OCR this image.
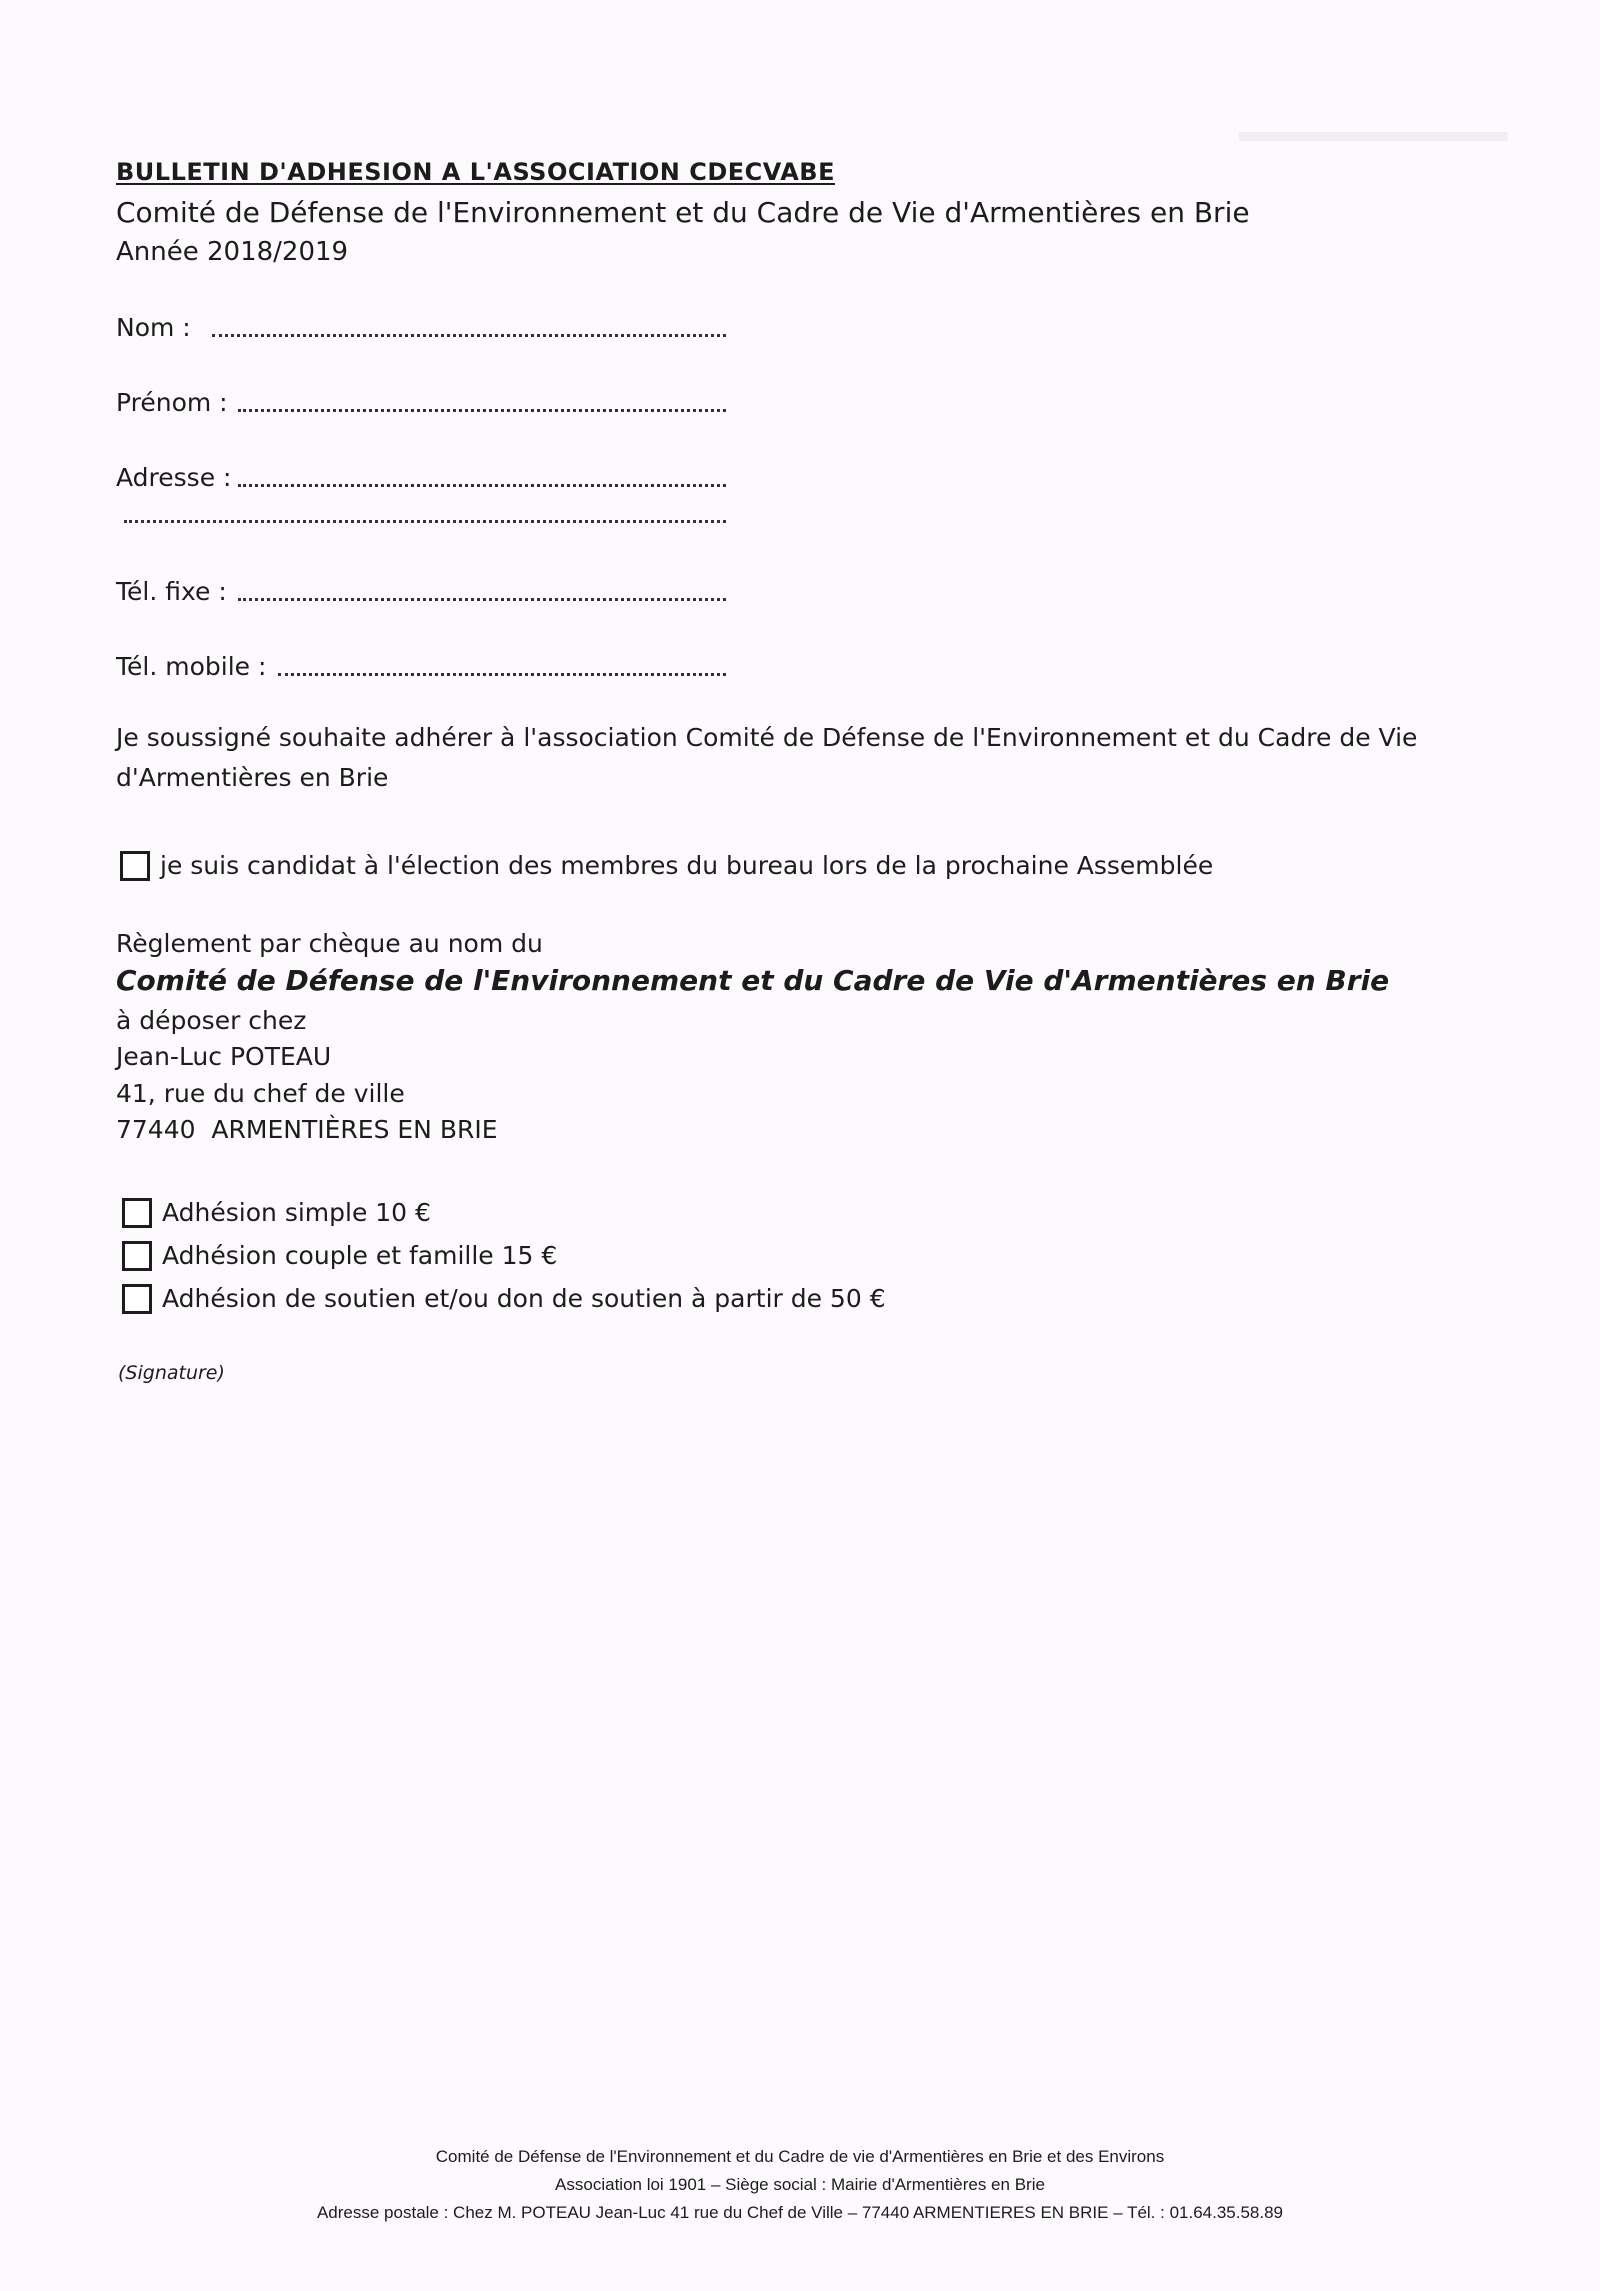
⸻
BULLETIN D'ADHESION A L'ASSOCIATION CDECVABE
Comité de Défense de l'Environnement et du Cadre de Vie d'Armentières en Brie
Année 2018/2019
Nom :
Prénom :
Adresse :
Tél. fixe :
Tél. mobile :
Je soussigné souhaite adhérer à l'association Comité de Défense de l'Environnement et du Cadre de Vie
d'Armentières en Brie
je suis candidat à l'élection des membres du bureau lors de la prochaine Assemblée
Règlement par chèque au nom du
Comité de Défense de l'Environnement et du Cadre de Vie d'Armentières en Brie
à déposer chez
Jean-Luc POTEAU
41, rue du chef de ville
77440  ARMENTIÈRES EN BRIE
Adhésion simple 10 €
Adhésion couple et famille 15 €
Adhésion de soutien et/ou don de soutien à partir de 50 €
(Signature)
Comité de Défense de l'Environnement et du Cadre de vie d'Armentières en Brie et des Environs
Association loi 1901 – Siège social : Mairie d'Armentières en Brie
Adresse postale : Chez M. POTEAU Jean-Luc 41 rue du Chef de Ville – 77440 ARMENTIERES EN BRIE – Tél. : 01.64.35.58.89
